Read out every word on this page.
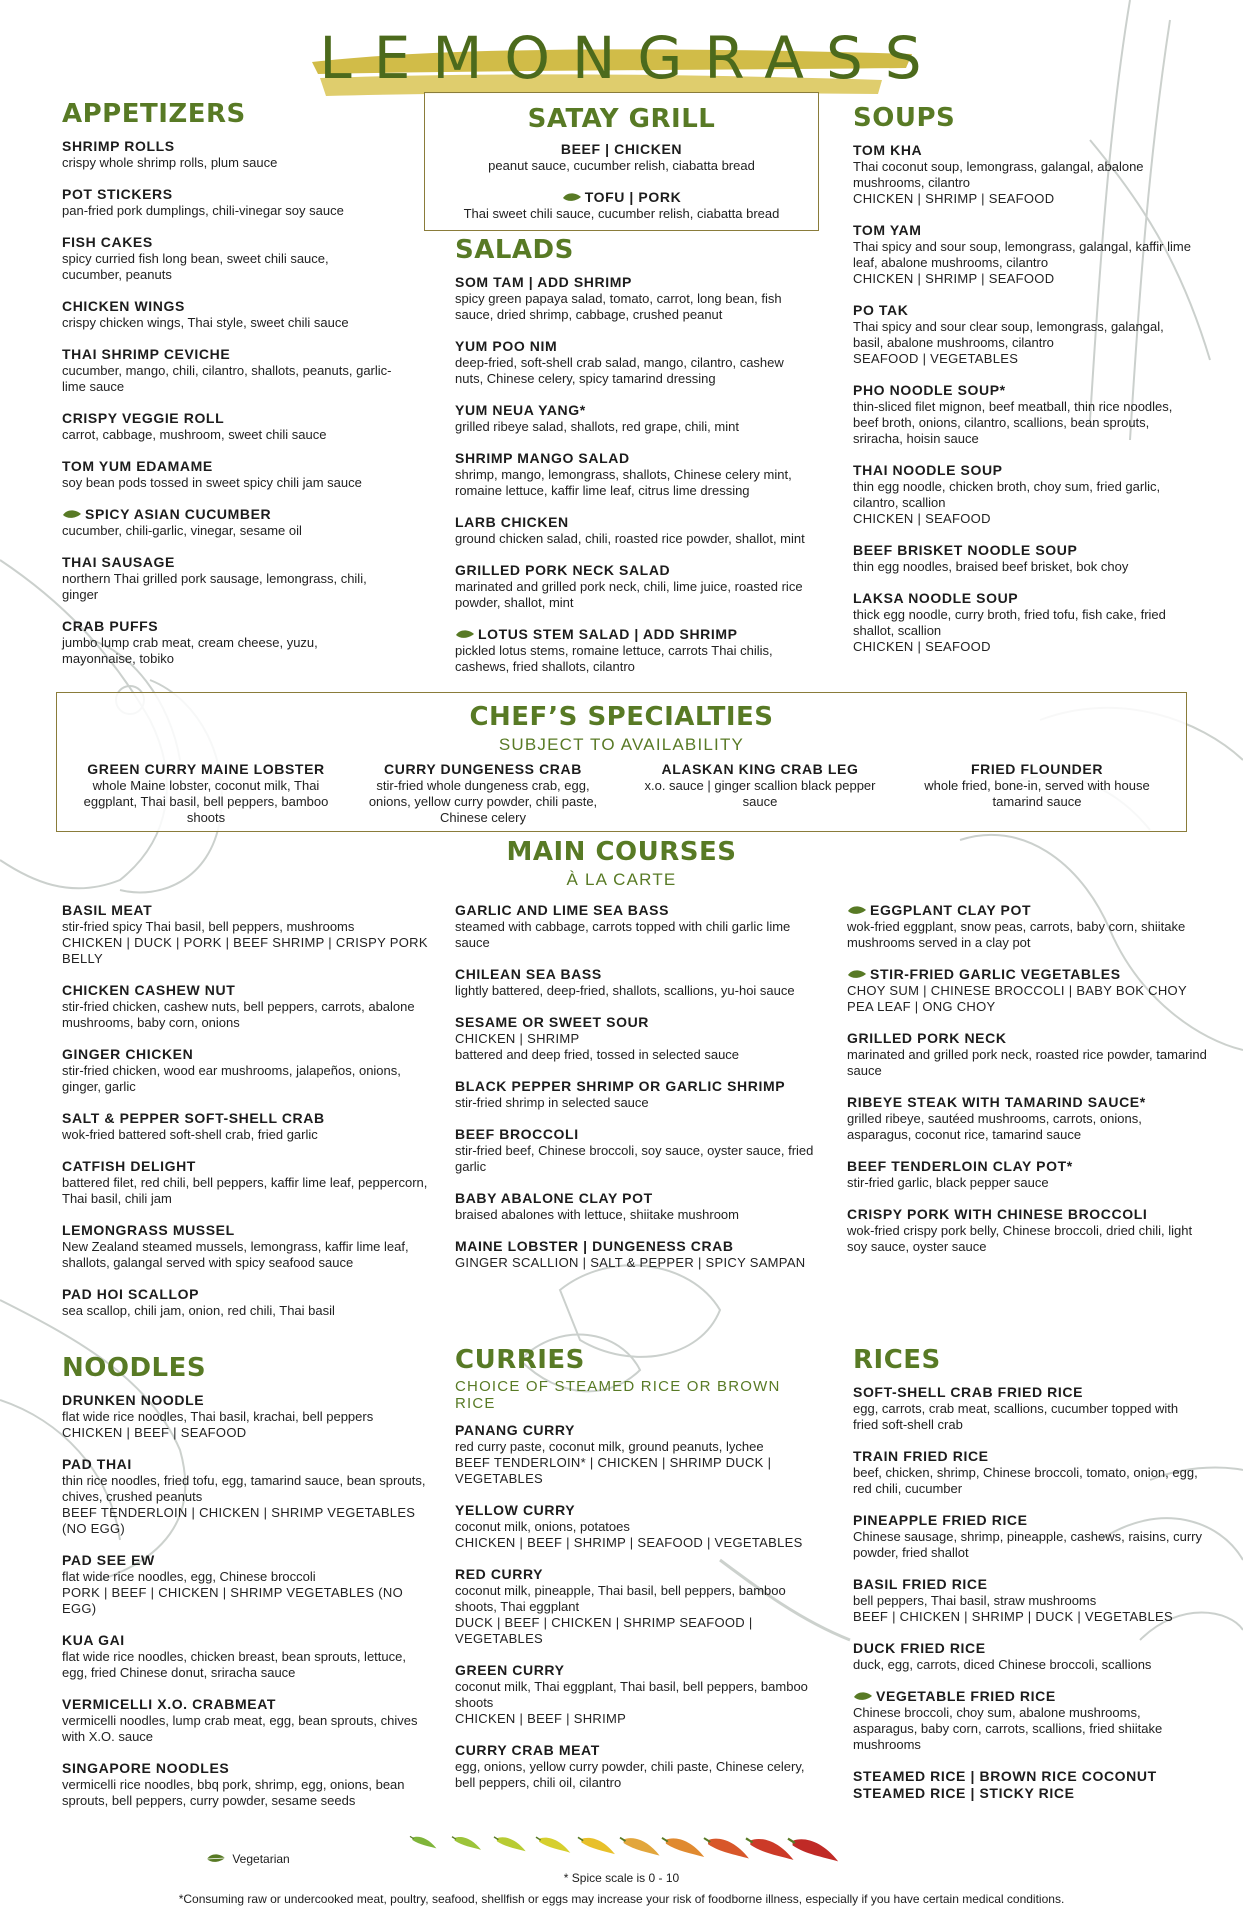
LEMONGRASS
APPETIZERS
SHRIMP ROLLS
crispy whole shrimp rolls, plum sauce
POT STICKERS
pan-fried pork dumplings, chili-vinegar soy sauce
FISH CAKES
spicy curried fish long bean, sweet chili sauce, cucumber, peanuts
CHICKEN WINGS
crispy chicken wings, Thai style, sweet chili sauce
THAI SHRIMP CEVICHE
cucumber, mango, chili, cilantro, shallots, peanuts, garlic-lime sauce
CRISPY VEGGIE ROLL
carrot, cabbage, mushroom, sweet chili sauce
TOM YUM EDAMAME
soy bean pods tossed in sweet spicy chili jam sauce
SPICY ASIAN CUCUMBER
cucumber, chili-garlic, vinegar, sesame oil
THAI SAUSAGE
northern Thai grilled pork sausage, lemongrass, chili, ginger
CRAB PUFFS
jumbo lump crab meat, cream cheese, yuzu, mayonnaise, tobiko
SATAY GRILL
BEEF | CHICKEN
peanut sauce, cucumber relish, ciabatta bread
TOFU | PORK
Thai sweet chili sauce, cucumber relish, ciabatta bread
SALADS
SOM TAM | ADD SHRIMP
spicy green papaya salad, tomato, carrot, long bean, fish sauce, dried shrimp, cabbage, crushed peanut
YUM POO NIM
deep-fried, soft-shell crab salad, mango, cilantro, cashew nuts, Chinese celery, spicy tamarind dressing
YUM NEUA YANG*
grilled ribeye salad, shallots, red grape, chili, mint
SHRIMP MANGO SALAD
shrimp, mango, lemongrass, shallots, Chinese celery mint, romaine lettuce, kaffir lime leaf, citrus lime dressing
LARB CHICKEN
ground chicken salad, chili, roasted rice powder, shallot, mint
GRILLED PORK NECK SALAD
marinated and grilled pork neck, chili, lime juice, roasted rice powder, shallot, mint
LOTUS STEM SALAD | ADD SHRIMP
pickled lotus stems, romaine lettuce, carrots Thai chilis, cashews, fried shallots, cilantro
SOUPS
TOM KHA
Thai coconut soup, lemongrass, galangal, abalone mushrooms, cilantro
CHICKEN | SHRIMP | SEAFOOD
TOM YAM
Thai spicy and sour soup, lemongrass, galangal, kaffir lime leaf, abalone mushrooms, cilantro
CHICKEN | SHRIMP | SEAFOOD
PO TAK
Thai spicy and sour clear soup, lemongrass, galangal, basil, abalone mushrooms, cilantro
SEAFOOD | VEGETABLES
PHO NOODLE SOUP*
thin-sliced filet mignon, beef meatball, thin rice noodles, beef broth, onions, cilantro, scallions, bean sprouts, sriracha, hoisin sauce
THAI NOODLE SOUP
thin egg noodle, chicken broth, choy sum, fried garlic, cilantro, scallion
CHICKEN | SEAFOOD
BEEF BRISKET NOODLE SOUP
thin egg noodles, braised beef brisket, bok choy
LAKSA NOODLE SOUP
thick egg noodle, curry broth, fried tofu, fish cake, fried shallot, scallion
CHICKEN | SEAFOOD
CHEF’S SPECIALTIES
SUBJECT TO AVAILABILITY
GREEN CURRY MAINE LOBSTER
whole Maine lobster, coconut milk, Thai eggplant, Thai basil, bell peppers, bamboo shoots
CURRY DUNGENESS CRAB
stir-fried whole dungeness crab, egg, onions, yellow curry powder, chili paste, Chinese celery
ALASKAN KING CRAB LEG
x.o. sauce | ginger scallion black pepper sauce
FRIED FLOUNDER
whole fried, bone-in, served with house tamarind sauce
MAIN COURSES
À LA CARTE
BASIL MEAT
stir-fried spicy Thai basil, bell peppers, mushrooms
CHICKEN | DUCK | PORK | BEEF SHRIMP | CRISPY PORK BELLY
CHICKEN CASHEW NUT
stir-fried chicken, cashew nuts, bell peppers, carrots, abalone mushrooms, baby corn, onions
GINGER CHICKEN
stir-fried chicken, wood ear mushrooms, jalapeños, onions, ginger, garlic
SALT & PEPPER SOFT-SHELL CRAB
wok-fried battered soft-shell crab, fried garlic
CATFISH DELIGHT
battered filet, red chili, bell peppers, kaffir lime leaf, peppercorn, Thai basil, chili jam
LEMONGRASS MUSSEL
New Zealand steamed mussels, lemongrass, kaffir lime leaf, shallots, galangal served with spicy seafood sauce
PAD HOI SCALLOP
sea scallop, chili jam, onion, red chili, Thai basil
GARLIC AND LIME SEA BASS
steamed with cabbage, carrots topped with chili garlic lime sauce
CHILEAN SEA BASS
lightly battered, deep-fried, shallots, scallions, yu-hoi sauce
SESAME OR SWEET SOUR
CHICKEN | SHRIMP
battered and deep fried, tossed in selected sauce
BLACK PEPPER SHRIMP OR GARLIC SHRIMP
stir-fried shrimp in selected sauce
BEEF BROCCOLI
stir-fried beef, Chinese broccoli, soy sauce, oyster sauce, fried garlic
BABY ABALONE CLAY POT
braised abalones with lettuce, shiitake mushroom
MAINE LOBSTER | DUNGENESS CRAB
GINGER SCALLION | SALT & PEPPER | SPICY SAMPAN
EGGPLANT CLAY POT
wok-fried eggplant, snow peas, carrots, baby corn, shiitake mushrooms served in a clay pot
STIR-FRIED GARLIC VEGETABLES
CHOY SUM | CHINESE BROCCOLI | BABY BOK CHOY PEA LEAF | ONG CHOY
GRILLED PORK NECK
marinated and grilled pork neck, roasted rice powder, tamarind sauce
RIBEYE STEAK WITH TAMARIND SAUCE*
grilled ribeye, sautéed mushrooms, carrots, onions, asparagus, coconut rice, tamarind sauce
BEEF TENDERLOIN CLAY POT*
stir-fried garlic, black pepper sauce
CRISPY PORK WITH CHINESE BROCCOLI
wok-fried crispy pork belly, Chinese broccoli, dried chili, light soy sauce, oyster sauce
NOODLES
DRUNKEN NOODLE
flat wide rice noodles, Thai basil, krachai, bell peppers
CHICKEN | BEEF | SEAFOOD
PAD THAI
thin rice noodles, fried tofu, egg, tamarind sauce, bean sprouts, chives, crushed peanuts
BEEF TENDERLOIN | CHICKEN | SHRIMP VEGETABLES (NO EGG)
PAD SEE EW
flat wide rice noodles, egg, Chinese broccoli
PORK | BEEF | CHICKEN | SHRIMP VEGETABLES (NO EGG)
KUA GAI
flat wide rice noodles, chicken breast, bean sprouts, lettuce, egg, fried Chinese donut, sriracha sauce
VERMICELLI X.O. CRABMEAT
vermicelli noodles, lump crab meat, egg, bean sprouts, chives with X.O. sauce
SINGAPORE NOODLES
vermicelli rice noodles, bbq pork, shrimp, egg, onions, bean sprouts, bell peppers, curry powder, sesame seeds
CURRIES
CHOICE OF STEAMED RICE OR BROWN RICE
PANANG CURRY
red curry paste, coconut milk, ground peanuts, lychee
BEEF TENDERLOIN* | CHICKEN | SHRIMP DUCK | VEGETABLES
YELLOW CURRY
coconut milk, onions, potatoes
CHICKEN | BEEF | SHRIMP | SEAFOOD | VEGETABLES
RED CURRY
coconut milk, pineapple, Thai basil, bell peppers, bamboo shoots, Thai eggplant
DUCK | BEEF | CHICKEN | SHRIMP SEAFOOD | VEGETABLES
GREEN CURRY
coconut milk, Thai eggplant, Thai basil, bell peppers, bamboo shoots
CHICKEN | BEEF | SHRIMP
CURRY CRAB MEAT
egg, onions, yellow curry powder, chili paste, Chinese celery, bell peppers, chili oil, cilantro
RICES
SOFT-SHELL CRAB FRIED RICE
egg, carrots, crab meat, scallions, cucumber topped with fried soft-shell crab
TRAIN FRIED RICE
beef, chicken, shrimp, Chinese broccoli, tomato, onion, egg, red chili, cucumber
PINEAPPLE FRIED RICE
Chinese sausage, shrimp, pineapple, cashews, raisins, curry powder, fried shallot
BASIL FRIED RICE
bell peppers, Thai basil, straw mushrooms
BEEF | CHICKEN | SHRIMP | DUCK | VEGETABLES
DUCK FRIED RICE
duck, egg, carrots, diced Chinese broccoli, scallions
VEGETABLE FRIED RICE
Chinese broccoli, choy sum, abalone mushrooms, asparagus, baby corn, carrots, scallions, fried shiitake mushrooms
STEAMED RICE | BROWN RICE COCONUT STEAMED RICE | STICKY RICE
Vegetarian
* Spice scale is 0 - 10
*Consuming raw or undercooked meat, poultry, seafood, shellfish or eggs may increase your risk of foodborne illness, especially if you have certain medical conditions.
